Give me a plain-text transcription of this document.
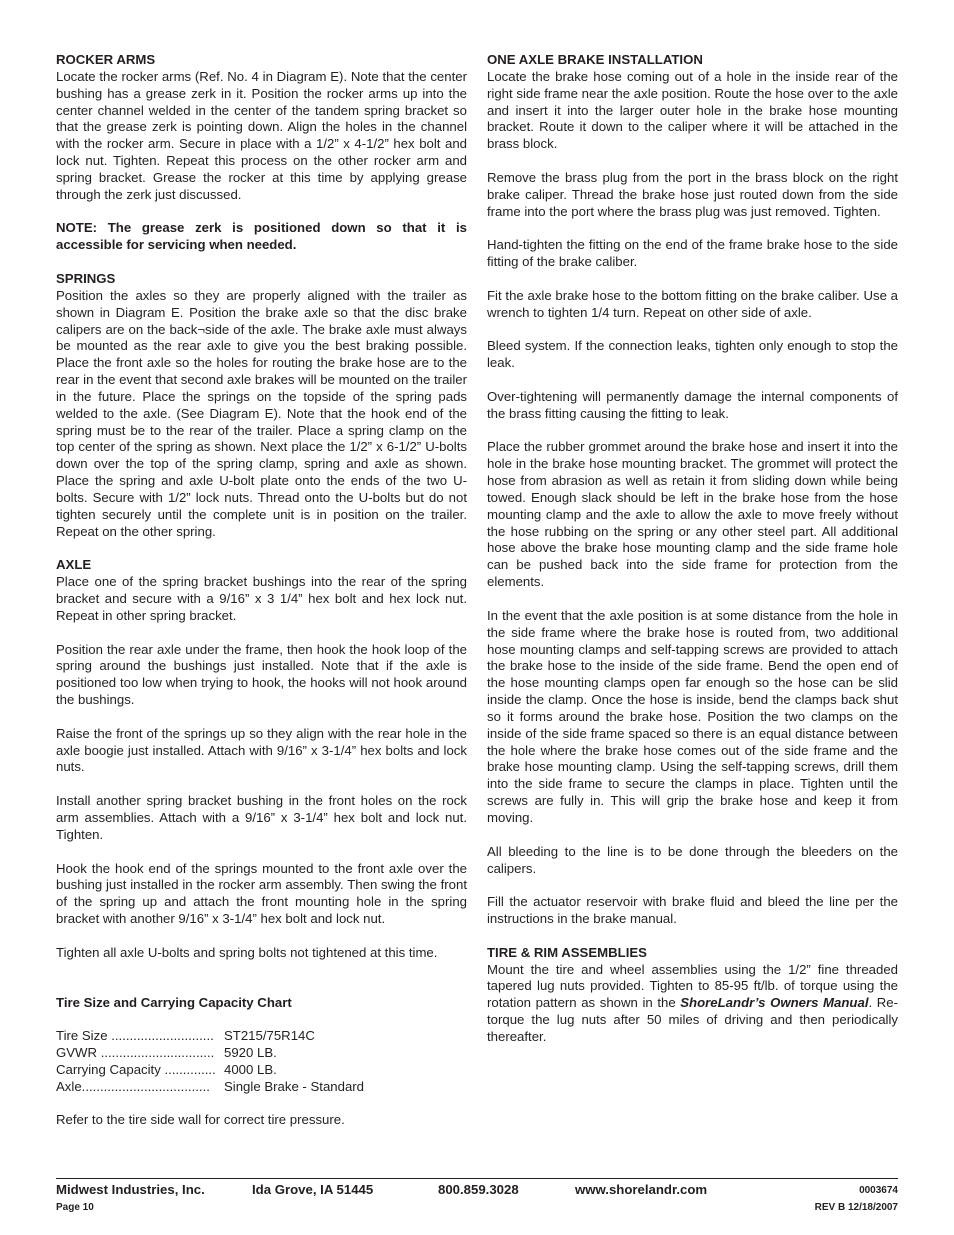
ROCKER ARMS

Locate the rocker arms (Ref. No. 4 in Diagram E). Note that the center bushing has a grease zerk in it. Position the rocker arms up into the center channel welded in the center of the tandem spring bracket so that the grease zerk is pointing down. Align the holes in the channel with the rocker arm. Secure in place with a 1/2” x 4-1/2” hex bolt and lock nut. Tighten. Repeat this process on the other rocker arm and spring bracket. Grease the rocker at this time by applying grease through the zerk just discussed.

NOTE: The grease zerk is positioned down so that it is accessible for servicing when needed.

SPRINGS

Position the axles so they are properly aligned with the trailer as shown in Diagram E. Position the brake axle so that the disc brake calipers are on the back¬side of the axle. The brake axle must always be mounted as the rear axle to give you the best braking possible. Place the front axle so the holes for routing the brake hose are to the rear in the event that second axle brakes will be mounted on the trailer in the future. Place the springs on the topside of the spring pads welded to the axle. (See Diagram E). Note that the hook end of the spring must be to the rear of the trailer. Place a spring clamp on the top center of the spring as shown. Next place the 1/2” x 6-1/2” U-bolts down over the top of the spring clamp, spring and axle as shown. Place the spring and axle U-bolt plate onto the ends of the two U-bolts. Secure with 1/2” lock nuts. Thread onto the U-bolts but do not tighten securely until the complete unit is in position on the trailer. Repeat on the other spring.

AXLE

Place one of the spring bracket bushings into the rear of the spring bracket and secure with a 9/16” x 3 1/4” hex bolt and hex lock nut. Repeat in other spring bracket.

Position the rear axle under the frame, then hook the hook loop of the spring around the bushings just installed. Note that if the axle is positioned too low when trying to hook, the hooks will not hook around the bushings.

Raise the front of the springs up so they align with the rear hole in the axle boogie just installed. Attach with 9/16” x 3-1/4” hex bolts and lock nuts.

Install another spring bracket bushing in the front holes on the rock arm assemblies. Attach with a 9/16” x 3-1/4” hex bolt and lock nut. Tighten.

Hook the hook end of the springs mounted to the front axle over the bushing just installed in the rocker arm assembly. Then swing the front of the spring up and attach the front mounting hole in the spring bracket with another 9/16” x 3-1/4” hex bolt and lock nut.

Tighten all axle U-bolts and spring bolts not tightened at this time.

Tire Size and Carrying Capacity Chart
Tire Size ............................ ST215/75R14C
GVWR ............................... 5920 LB.
Carrying Capacity .............. 4000 LB.
Axle...................................	Single Brake - Standard

Refer to the tire side wall for correct tire pressure.

ONE AXLE BRAKE INSTALLATION

Locate the brake hose coming out of a hole in the inside rear of the right side frame near the axle position. Route the hose over to the axle and insert it into the larger outer hole in the brake hose mounting bracket. Route it down to the caliper where it will be attached in the brass block.

Remove the brass plug from the port in the brass block on the right brake caliper. Thread the brake hose just routed down from the side frame into the port where the brass plug was just removed. Tighten.

Hand-tighten the fitting on the end of the frame brake hose to the side fitting of the brake caliber.

Fit the axle brake hose to the bottom fitting on the brake caliber. Use a wrench to tighten 1/4 turn. Repeat on other side of axle.

Bleed system. If the connection leaks, tighten only enough to stop the leak.

Over-tightening will permanently damage the internal components of the brass fitting causing the fitting to leak.

Place the rubber grommet around the brake hose and insert it into the hole in the brake hose mounting bracket. The grommet will protect the hose from abrasion as well as retain it from sliding down while being towed. Enough slack should be left in the brake hose from the hose mounting clamp and the axle to allow the axle to move freely without the hose rubbing on the spring or any other steel part. All additional hose above the brake hose mounting clamp and the side frame hole can be pushed back into the side frame for protection from the elements.

In the event that the axle position is at some distance from the hole in the side frame where the brake hose is routed from, two additional hose mounting clamps and self-tapping screws are provided to attach the brake hose to the inside of the side frame. Bend the open end of the hose mounting clamps open far enough so the hose can be slid inside the clamp. Once the hose is inside, bend the clamps back shut so it forms around the brake hose. Position the two clamps on the inside of the side frame spaced so there is an equal distance between the hole where the brake hose comes out of the side frame and the brake hose mounting clamp. Using the self-tapping screws, drill them into the side frame to secure the clamps in place. Tighten until the screws are fully in. This will grip the brake hose and keep it from moving.

All bleeding to the line is to be done through the bleeders on the calipers.

Fill the actuator reservoir with brake fluid and bleed the line per the instructions in the brake manual.

TIRE & RIM ASSEMBLIES

Mount the tire and wheel assemblies using the 1/2” fine threaded tapered lug nuts provided. Tighten to 85-95 ft/lb. of torque using the rotation pattern as shown in the ShoreLandr’s Owners Manual. Re-torque the lug nuts after 50 miles of driving and then periodically thereafter.

Midwest Industries, Inc.	Ida Grove, IA 51445	800.859.3028	www.shorelandr.com	0003674
Page 10	REV B 12/18/2007
